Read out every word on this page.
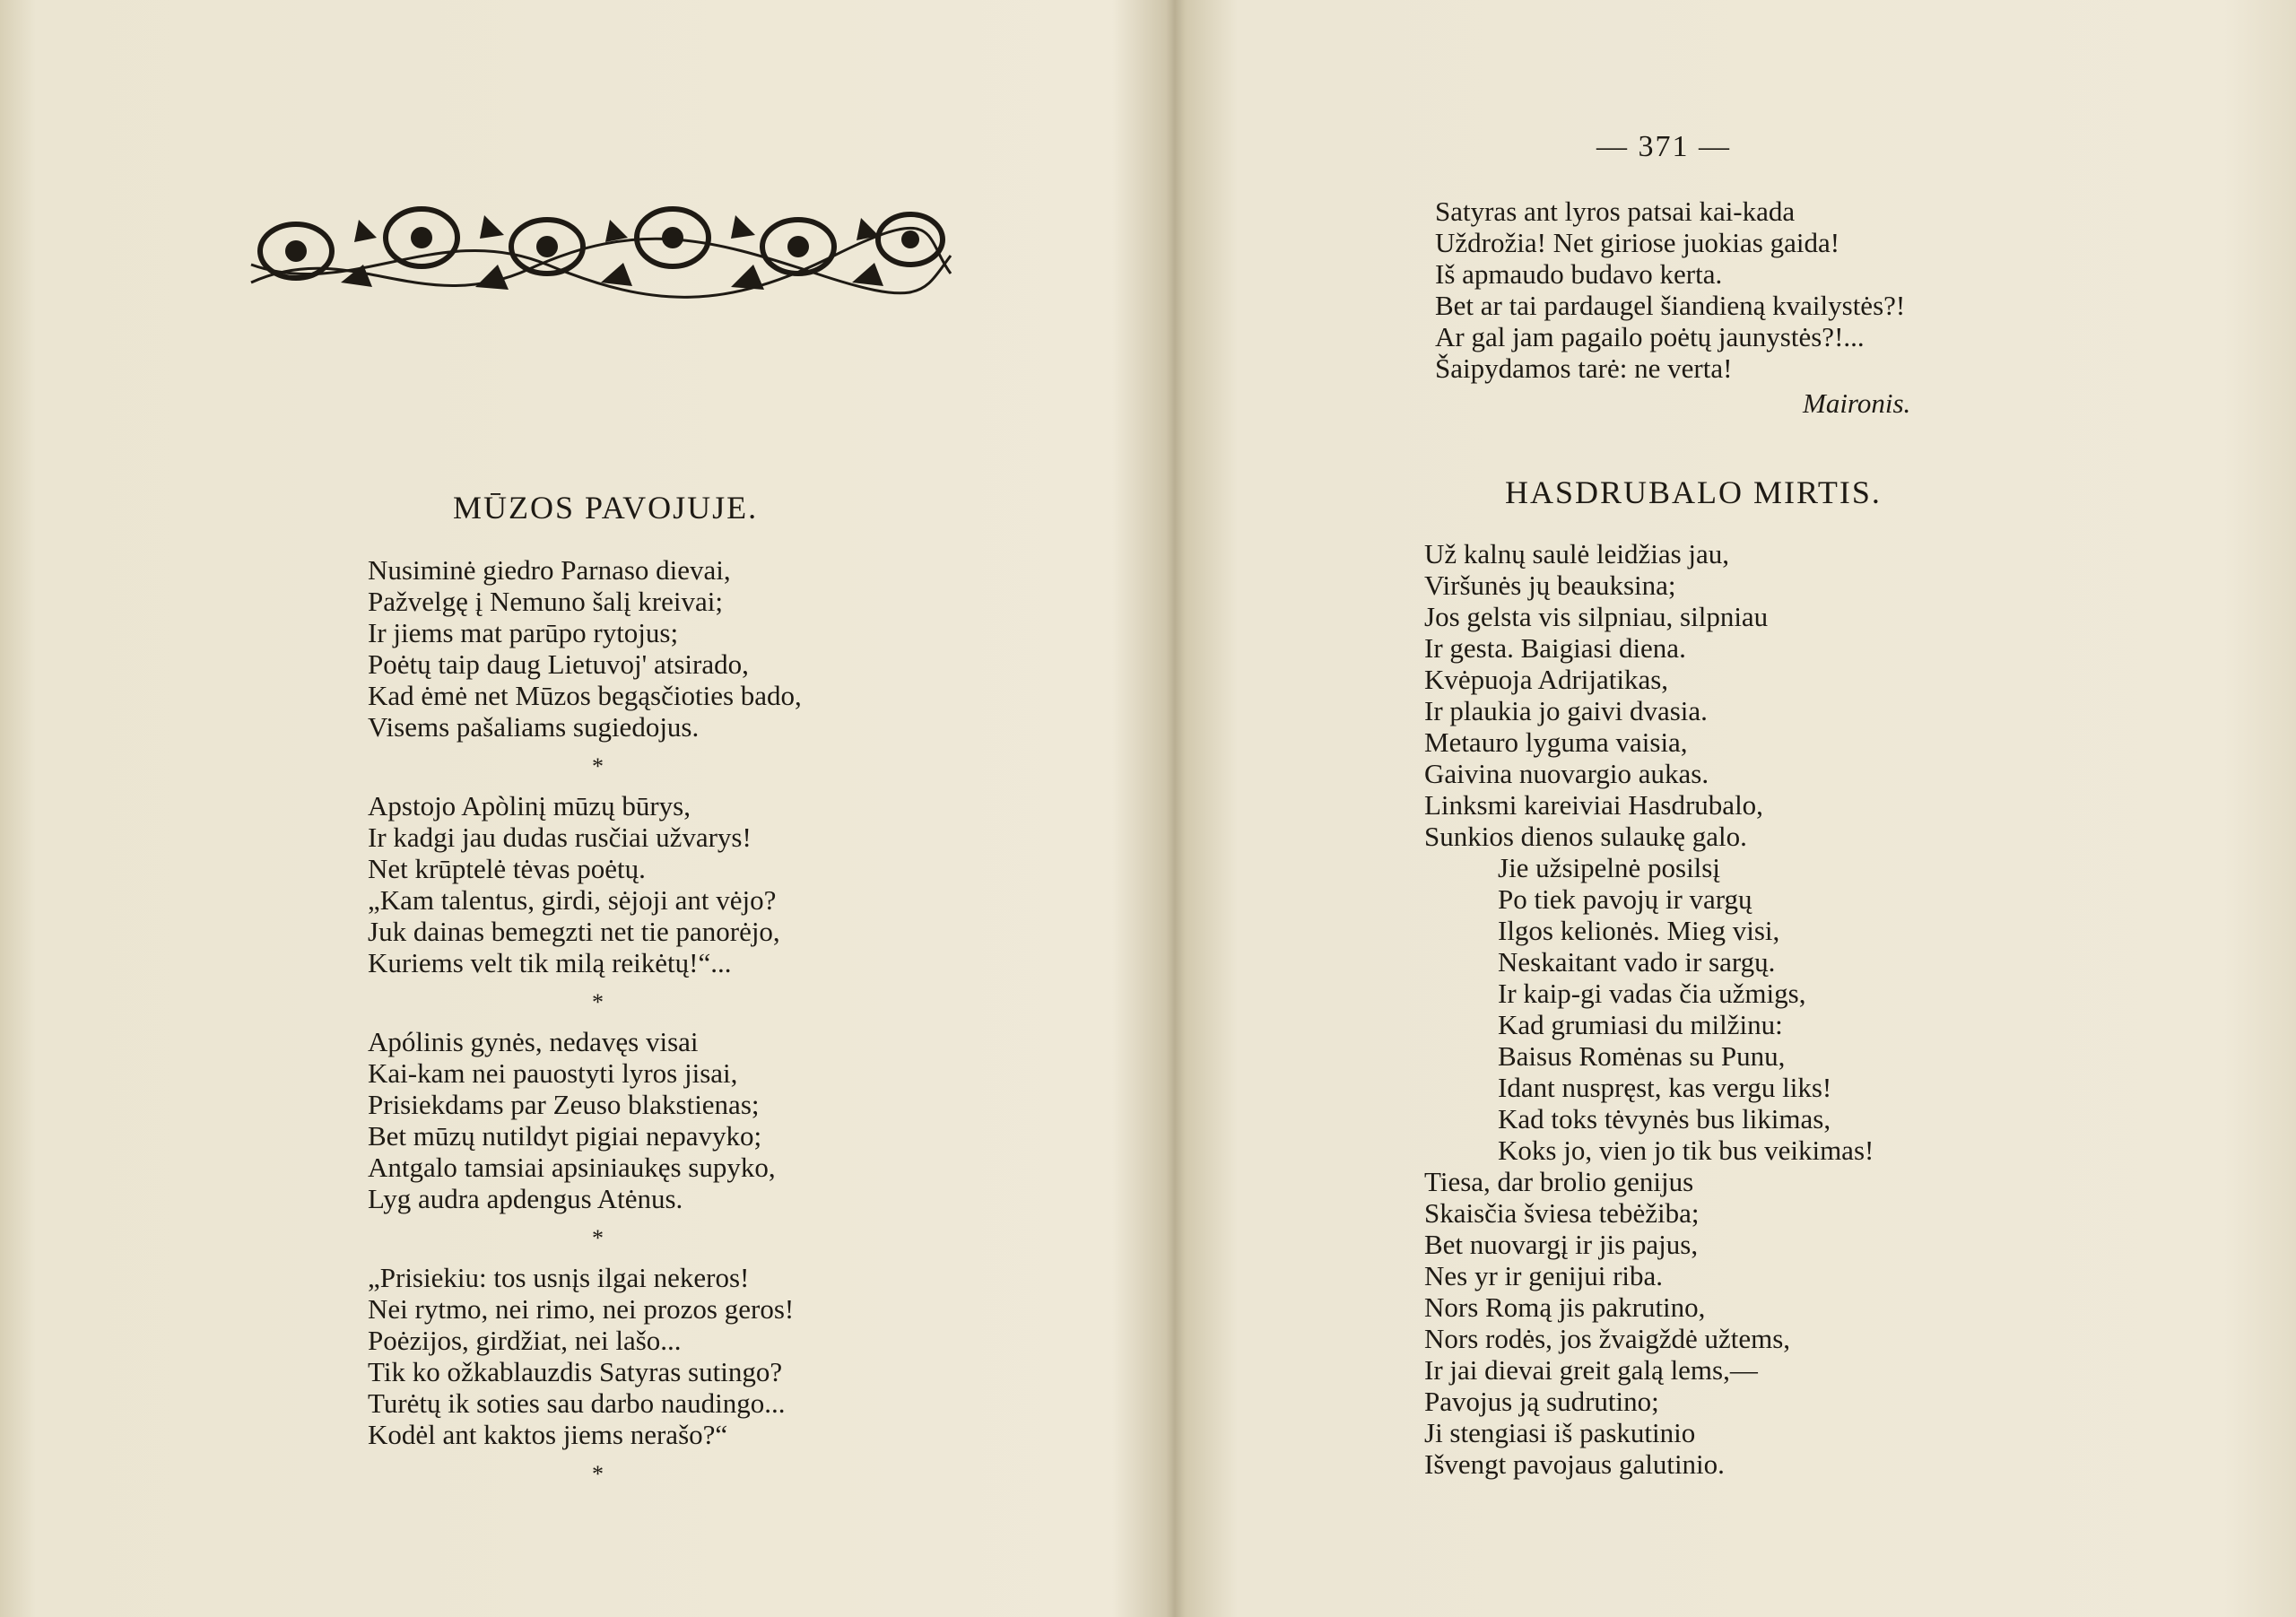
MŪZOS PAVOJUJE.
Nusiminė giedro Parnaso dievai,
Pažvelgę į Nemuno šalį kreivai;
Ir jiems mat parūpo rytojus;
Poėtų taip daug Lietuvoj' atsirado,
Kad ėmė net Mūzos begąsčioties bado,
Visems pašaliams sugiedojus.
*
Apstojo Apòlinį mūzų būrys,
Ir kadgi jau dudas rusčiai užvarys!
Net krūptelė tėvas poėtų.
„Kam talentus, girdi, sėjoji ant vėjo?
Juk dainas bemegzti net tie panorėjo,
Kuriems velt tik milą reikėtų!“...
*
Apólinis gynės, nedavęs visai
Kai-kam nei pauostyti lyros jisai,
Prisiekdams par Zeuso blakstienas;
Bet mūzų nutildyt pigiai nepavyko;
Antgalo tamsiai apsiniaukęs supyko,
Lyg audra apdengus Atėnus.
*
„Prisiekiu: tos usnįs ilgai nekeros!
Nei rytmo, nei rimo, nei prozos geros!
Poėzijos, girdžiat, nei lašo...
Tik ko ožkablauzdis Satyras sutingo?
Turėtų ik soties sau darbo naudingo...
Kodėl ant kaktos jiems nerašo?“
*
— 371 —
Satyras ant lyros patsai kai-kada
Uždrožia! Net giriose juokias gaida!
Iš apmaudo budavo kerta.
Bet ar tai pardaugel šiandieną kvailystės?!
Ar gal jam pagailo poėtų jaunystės?!...
Šaipydamos tarė: ne verta!
Maironis.
HASDRUBALO MIRTIS.
Už kalnų saulė leidžias jau,
Viršunės jų beauksina;
Jos gelsta vis silpniau, silpniau
Ir gesta. Baigiasi diena.
Kvėpuoja Adrijatikas,
Ir plaukia jo gaivi dvasia.
Metauro lyguma vaisia,
Gaivina nuovargio aukas.
Linksmi kareiviai Hasdrubalo,
Sunkios dienos sulaukę galo.
Jie užsipelnė posilsį
Po tiek pavojų ir vargų
Ilgos kelionės. Mieg visi,
Neskaitant vado ir sargų.
Ir kaip-gi vadas čia užmigs,
Kad grumiasi du milžinu:
Baisus Romėnas su Punu,
Idant nuspręst, kas vergu liks!
Kad toks tėvynės bus likimas,
Koks jo, vien jo tik bus veikimas!
Tiesa, dar brolio genijus
Skaisčia šviesa tebėžiba;
Bet nuovargį ir jis pajus,
Nes yr ir genijui riba.
Nors Romą jis pakrutino,
Nors rodės, jos žvaigždė užtems,
Ir jai dievai greit galą lems,—
Pavojus ją sudrutino;
Ji stengiasi iš paskutinio
Išvengt pavojaus galutinio.
